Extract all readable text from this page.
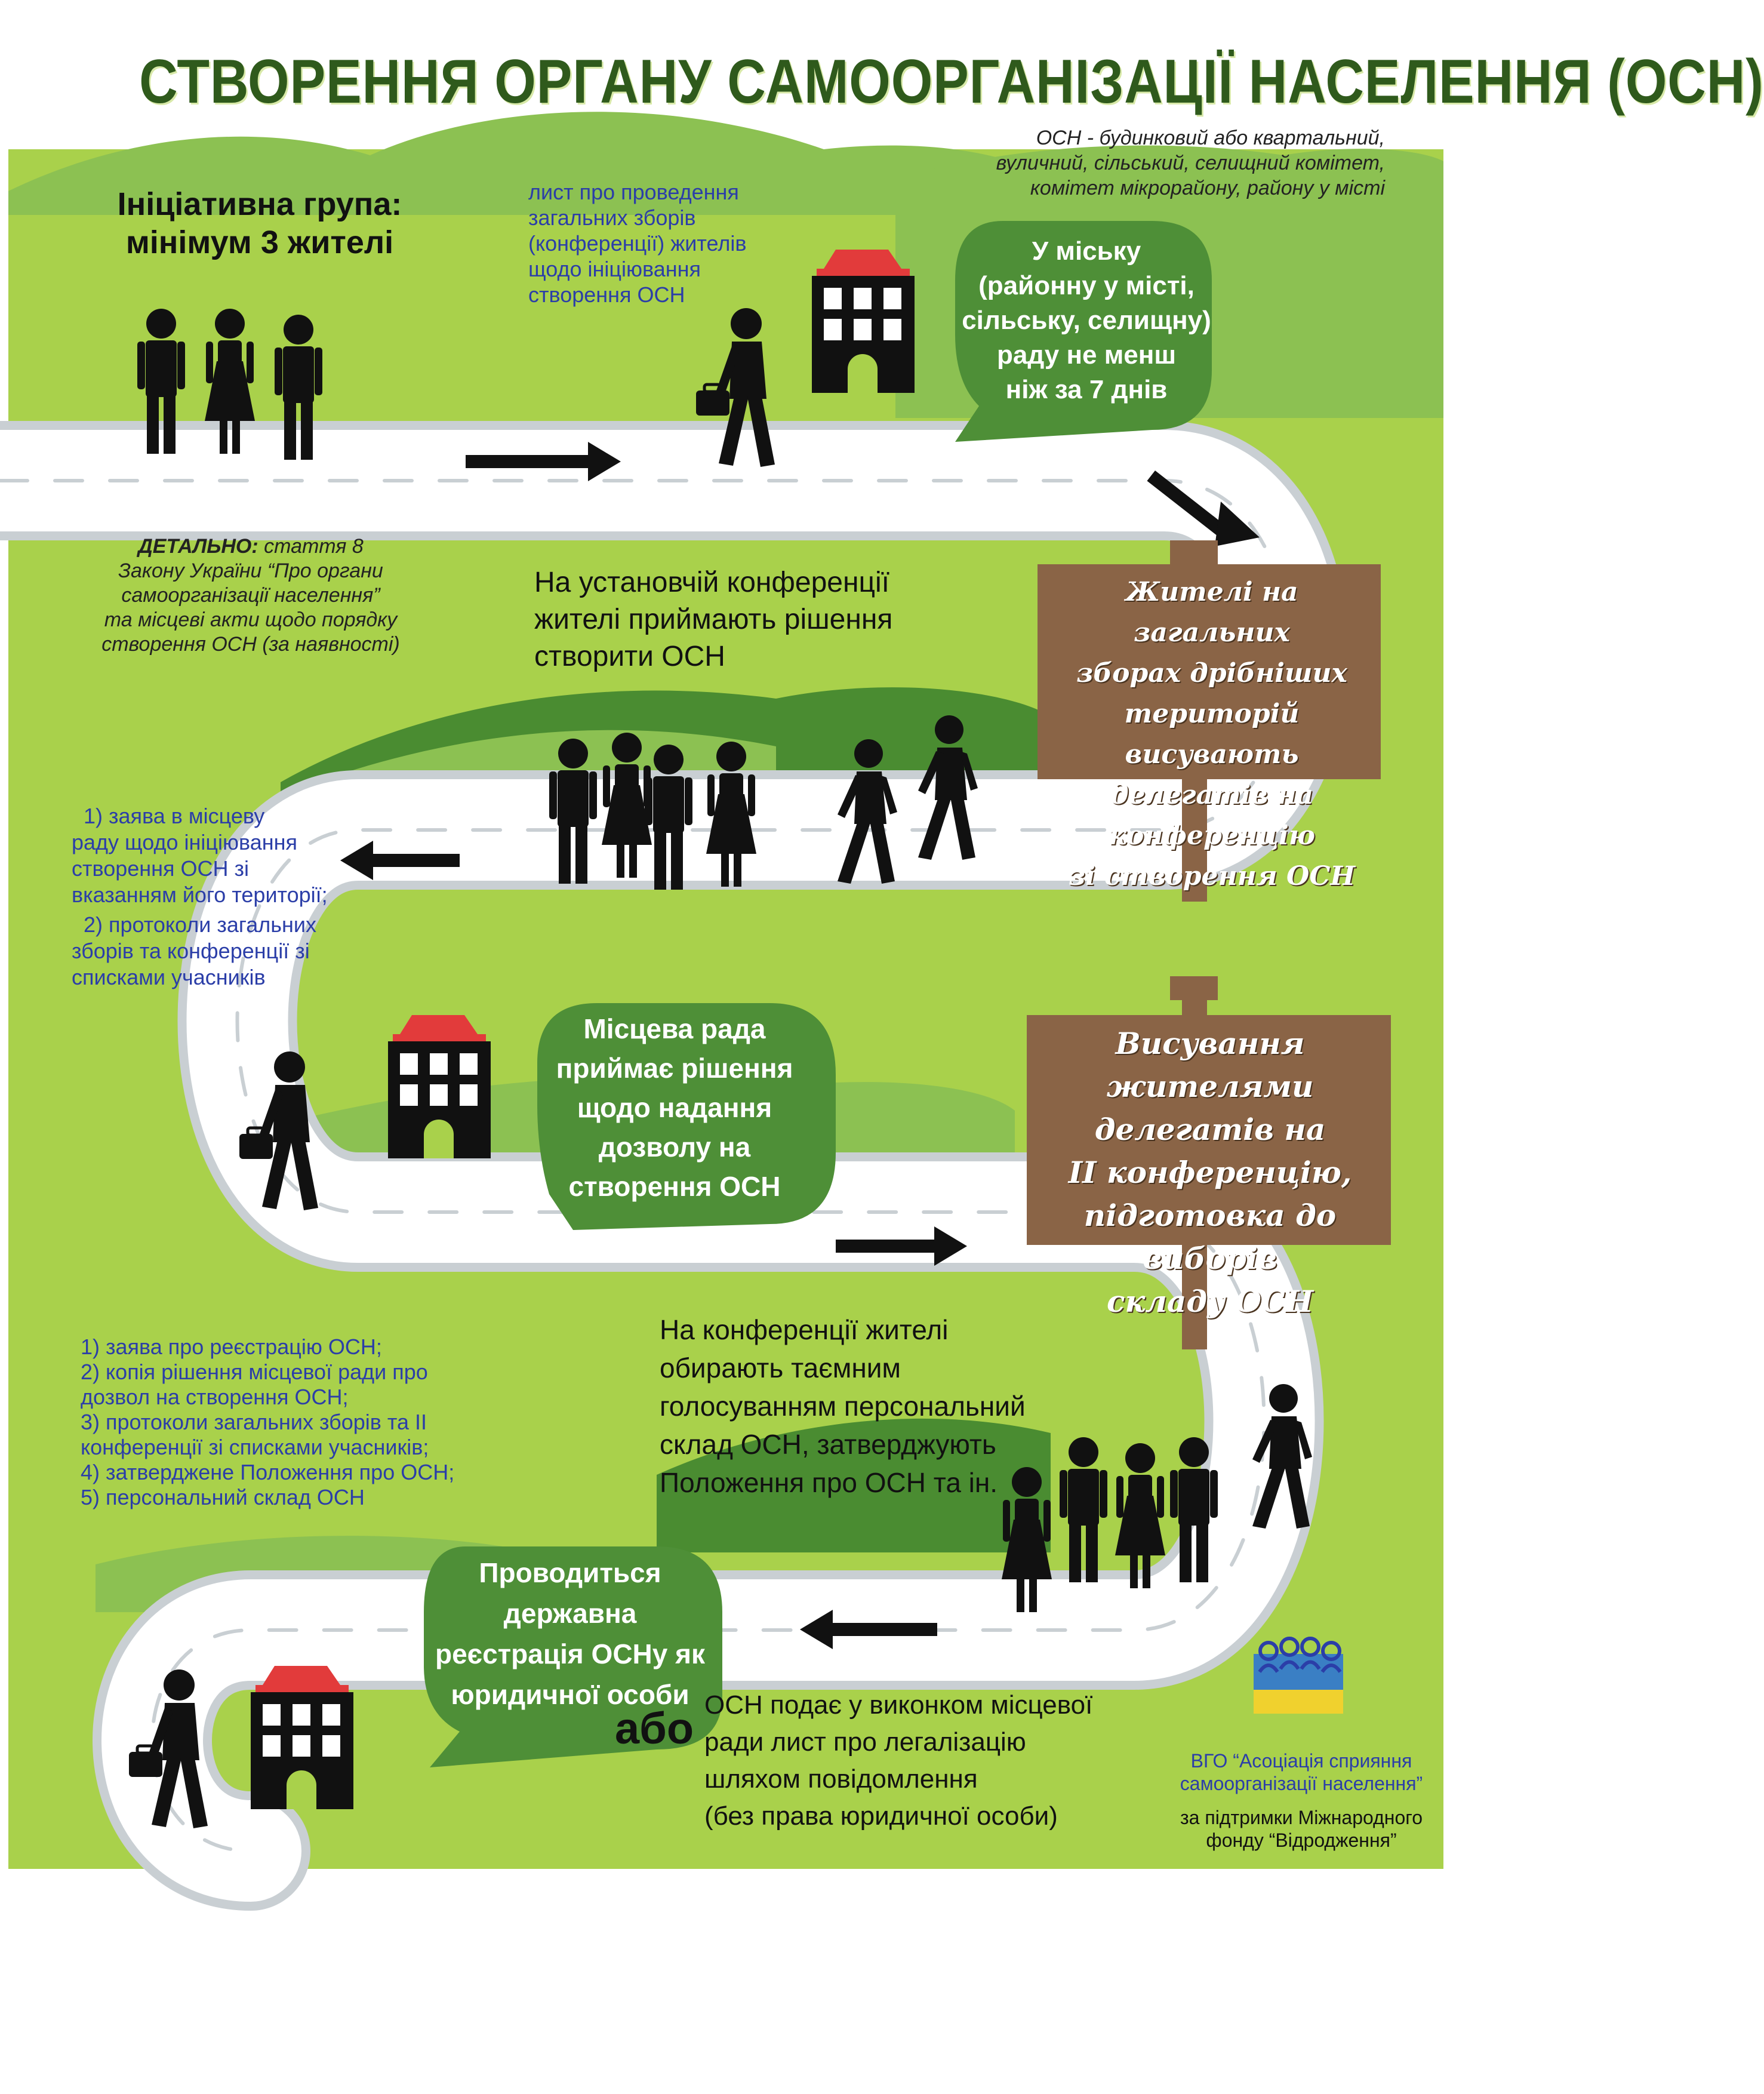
СТВОРЕННЯ ОРГАНУ САМООРГАНІЗАЦІЇ НАСЕЛЕННЯ (ОСН)
ОСН - будинковий або квартальний,
вуличний, сільський, селищний комітет,
комітет мікрорайону, району у місті
Ініціативна група:
мінімум 3 жителі
лист про проведення
загальних зборів
(конференції) жителів
щодо ініціювання
створення ОСН
У міську
(районну у місті,
сільську, селищну)
раду не менш
ніж за 7 днів
ДЕТАЛЬНО: стаття 8
Закону України “Про органи
самоорганізації населення”
та місцеві акти щодо порядку
створення ОСН (за наявності)
На установчій конференції
жителі приймають рішення
створити ОСН
Жителі на загальних
зборах дрібніших
територій висувають
делегатів на конференцію
зі створення ОСН
1) заява в місцеву
раду щодо ініціювання
створення ОСН зі
вказанням його території;
2) протоколи загальних
зборів та конференції зі
списками учасників
Місцева рада
приймає рішення
щодо надання
дозволу на
створення ОСН
Висування жителями
делегатів на
ІІ конференцію,
підготовка до виборів
складу ОСН
На конференції жителі
обирають таємним
голосуванням персональний
склад ОСН, затверджують
Положення про ОСН та ін.
1) заява про реєстрацію ОСН;
2) копія рішення місцевої ради про
дозвол на створення ОСН;
3) протоколи загальних зборів та ІІ
конференції зі списками учасників;
4) затверджене Положення про ОСН;
5) персональний склад ОСН
Проводиться
державна
реєстрація ОСНу як
юридичної особи
або ОСН подає у виконком місцевої
ради лист про легалізацію
шляхом повідомлення
(без права юридичної особи)
ВГО “Асоціація сприяння
самоорганізації населення”
за підтримки Міжнародного
фонду “Відродження”
